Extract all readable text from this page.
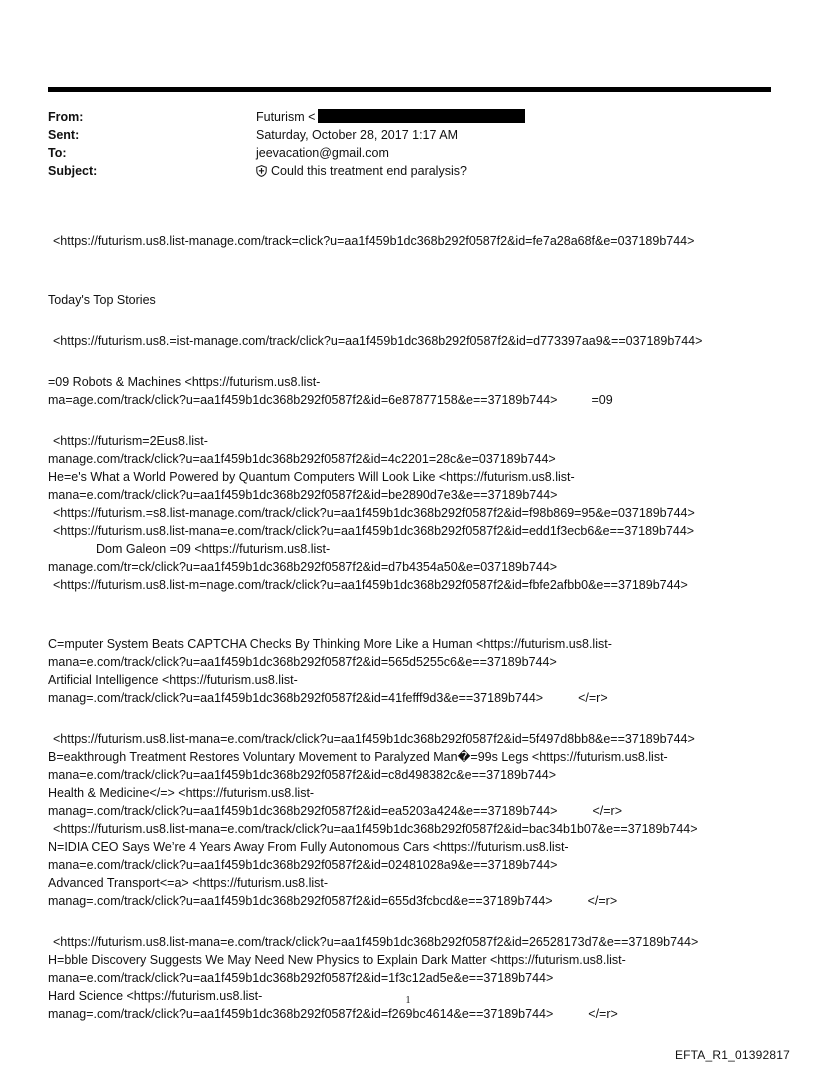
From:	Futurism <
Sent:	Saturday, October 28, 2017 1:17 AM
To:	jeevacation@gmail.com
Subject:	Could this treatment end paralysis?

<https://futurism.us8.list-manage.com/track=click?u=aa1f459b1dc368b292f0587f2&id=fe7a28a68f&e=037189b744>

Today's Top Stories

<https://futurism.us8.=ist-manage.com/track/click?u=aa1f459b1dc368b292f0587f2&id=d773397aa9&==037189b744>

=09 Robots & Machines <https://futurism.us8.list-

ma=age.com/track/click?u=aa1f459b1dc368b292f0587f2&id=6e87877158&e==37189b744>	=09

<https://futurism=2Eus8.list-

manage.com/track/click?u=aa1f459b1dc368b292f0587f2&id=4c2201=28c&e=037189b744>

He=e's What a World Powered by Quantum Computers Will Look Like <https://futurism.us8.list-

mana=e.com/track/click?u=aa1f459b1dc368b292f0587f2&id=be2890d7e3&e==37189b744>

<https://futurism.=s8.list-manage.com/track/click?u=aa1f459b1dc368b292f0587f2&id=f98b869=95&e=037189b744>

<https://futurism.us8.list-mana=e.com/track/click?u=aa1f459b1dc368b292f0587f2&id=edd1f3ecb6&e==37189b744>

Dom Galeon =09 <https://futurism.us8.list-

manage.com/tr=ck/click?u=aa1f459b1dc368b292f0587f2&id=d7b4354a50&e=037189b744>

<https://futurism.us8.list-m=nage.com/track/click?u=aa1f459b1dc368b292f0587f2&id=fbfe2afbb0&e==37189b744>

C=mputer System Beats CAPTCHA Checks By Thinking More Like a Human <https://futurism.us8.list-

mana=e.com/track/click?u=aa1f459b1dc368b292f0587f2&id=565d5255c6&e==37189b744>

Artificial Intelligence <https://futurism.us8.list-

manag=.com/track/click?u=aa1f459b1dc368b292f0587f2&id=41fefff9d3&e==37189b744>	</=r>

<https://futurism.us8.list-mana=e.com/track/click?u=aa1f459b1dc368b292f0587f2&id=5f497d8bb8&e==37189b744>

B=eakthrough Treatment Restores Voluntary Movement to Paralyzed Man�=99s Legs <https://futurism.us8.list-

mana=e.com/track/click?u=aa1f459b1dc368b292f0587f2&id=c8d498382c&e==37189b744>

Health & Medicine</=> <https://futurism.us8.list-

manag=.com/track/click?u=aa1f459b1dc368b292f0587f2&id=ea5203a424&e==37189b744>	</=r>

<https://futurism.us8.list-mana=e.com/track/click?u=aa1f459b1dc368b292f0587f2&id=bac34b1b07&e==37189b744>

N=IDIA CEO Says We’re 4 Years Away From Fully Autonomous Cars <https://futurism.us8.list-

mana=e.com/track/click?u=aa1f459b1dc368b292f0587f2&id=02481028a9&e==37189b744>

Advanced Transport<=a> <https://futurism.us8.list-

manag=.com/track/click?u=aa1f459b1dc368b292f0587f2&id=655d3fcbcd&e==37189b744>	</=r>

<https://futurism.us8.list-mana=e.com/track/click?u=aa1f459b1dc368b292f0587f2&id=26528173d7&e==37189b744>

H=bble Discovery Suggests We May Need New Physics to Explain Dark Matter <https://futurism.us8.list-

mana=e.com/track/click?u=aa1f459b1dc368b292f0587f2&id=1f3c12ad5e&e==37189b744>

Hard Science <https://futurism.us8.list-

manag=.com/track/click?u=aa1f459b1dc368b292f0587f2&id=f269bc4614&e==37189b744>	</=r>

1
EFTA_R1_01392817
